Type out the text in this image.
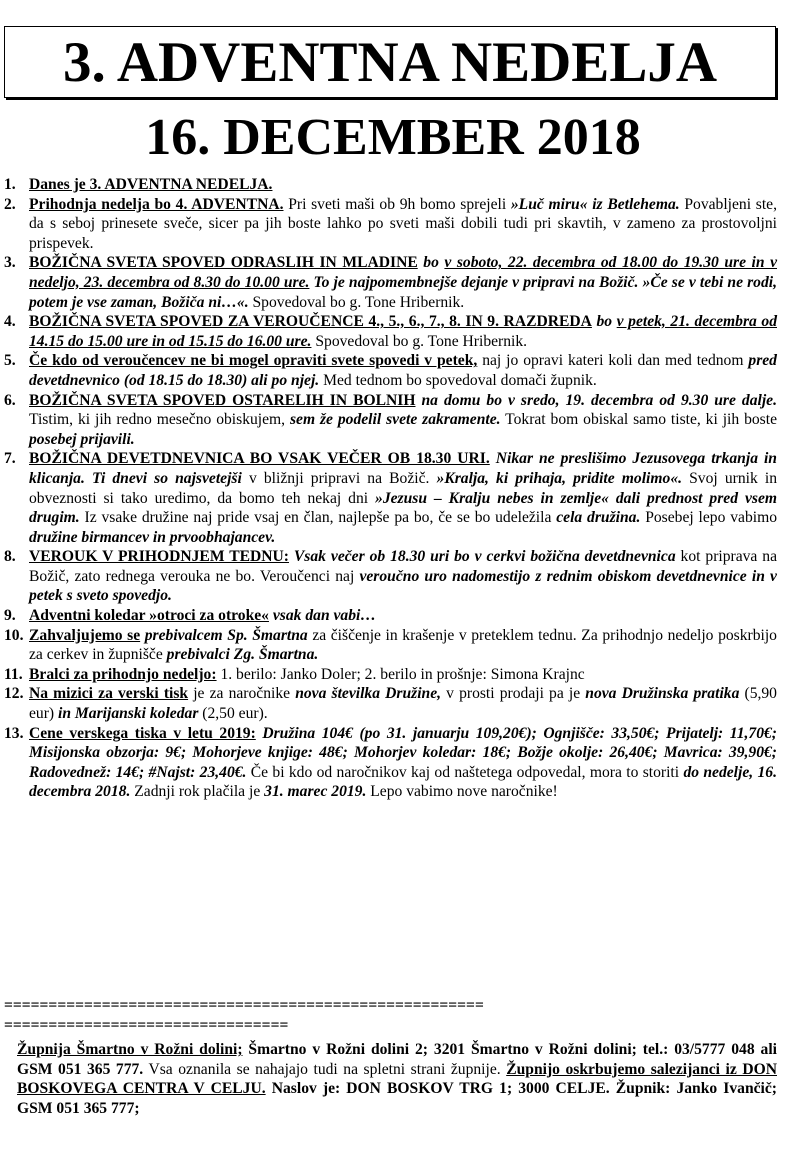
3. ADVENTNA NEDELJA
16. DECEMBER 2018
1. Danes je 3. ADVENTNA NEDELJA.
2. Prihodnja nedelja bo 4. ADVENTNA. Pri sveti maši ob 9h bomo sprejeli »Luč miru« iz Betlehema. Povabljeni ste, da s seboj prinesete sveče, sicer pa jih boste lahko po sveti maši dobili tudi pri skavtih, v zameno za prostovoljni prispevek.
3. BOŽIČNA SVETA SPOVED ODRASLIH IN MLADINE bo v soboto, 22. decembra od 18.00 do 19.30 ure in v nedeljo, 23. decembra od 8.30 do 10.00 ure. To je najpomembnejše dejanje v pripravi na Božič. »Če se v tebi ne rodi, potem je vse zaman, Božiča ni…«. Spovedoval bo g. Tone Hribernik.
4. BOŽIČNA SVETA SPOVED ZA VEROUČENCE 4., 5., 6., 7., 8. IN 9. RAZDREDA bo v petek, 21. decembra od 14.15 do 15.00 ure in od 15.15 do 16.00 ure. Spovedoval bo g. Tone Hribernik.
5. Če kdo od veroučencev ne bi mogel opraviti svete spovedi v petek, naj jo opravi kateri koli dan med tednom pred devetdnevnico (od 18.15 do 18.30) ali po njej. Med tednom bo spovedoval domači župnik.
6. BOŽIČNA SVETA SPOVED OSTARELIH IN BOLNIH na domu bo v sredo, 19. decembra od 9.30 ure dalje. Tistim, ki jih redno mesečno obiskujem, sem že podelil svete zakramente. Tokrat bom obiskal samo tiste, ki jih boste posebej prijavili.
7. BOŽIČNA DEVETDNEVNICA BO VSAK VEČER OB 18.30 URI. Nikar ne preslišimo Jezusovega trkanja in klicanja. Ti dnevi so najsvetejši v bližnji pripravi na Božič. »Kralja, ki prihaja, pridite molimo«. Svoj urnik in obveznosti si tako uredimo, da bomo teh nekaj dni »Jezusu – Kralju nebes in zemlje« dali prednost pred vsem drugim. Iz vsake družine naj pride vsaj en član, najlepše pa bo, če se bo udeležila cela družina. Posebej lepo vabimo družine birmancev in prvoobhajancev.
8. VEROUK V PRIHODNJEM TEDNU: Vsak večer ob 18.30 uri bo v cerkvi božična devetdnevnica kot priprava na Božič, zato rednega verouka ne bo. Veroučenci naj veroučno uro nadomestijo z rednim obiskom devetdnevnice in v petek s sveto spovedjo.
9. Adventni koledar »otroci za otroke« vsak dan vabi…
10. Zahvaljujemo se prebivalcem Sp. Šmartna za čiščenje in krašenje v preteklem tednu. Za prihodnjo nedeljo poskrbijo za cerkev in župnišče prebivalci Zg. Šmartna.
11. Bralci za prihodnjo nedeljo: 1. berilo: Janko Doler; 2. berilo in prošnje: Simona Krajnc
12. Na mizici za verski tisk je za naročnike nova številka Družine, v prosti prodaji pa je nova Družinska pratika (5,90 eur) in Marijanski koledar (2,50 eur).
13. Cene verskega tiska v letu 2019: Družina 104€ (po 31. januarju 109,20€); Ognjišče: 33,50€; Prijatelj: 11,70€; Misijonska obzorja: 9€; Mohorjeve knjige: 48€; Mohorjev koledar: 18€; Božje okolje: 26,40€; Mavrica: 39,90€; Radovednež: 14€; #Najst: 23,40€. Če bi kdo od naročnikov kaj od naštetega odpovedal, mora to storiti do nedelje, 16. decembra 2018. Zadnji rok plačila je 31. marec 2019. Lepo vabimo nove naročnike!
======================================================
================================
Župnija Šmartno v Rožni dolini; Šmartno v Rožni dolini 2; 3201 Šmartno v Rožni dolini; tel.: 03/5777 048 ali GSM 051 365 777. Vsa oznanila se nahajajo tudi na spletni strani župnije. Župnijo oskrbujemo salezijanci iz DON BOSKOVEGA CENTRA V CELJU. Naslov je: DON BOSKOV TRG 1; 3000 CELJE. Župnik: Janko Ivančič; GSM 051 365 777;
